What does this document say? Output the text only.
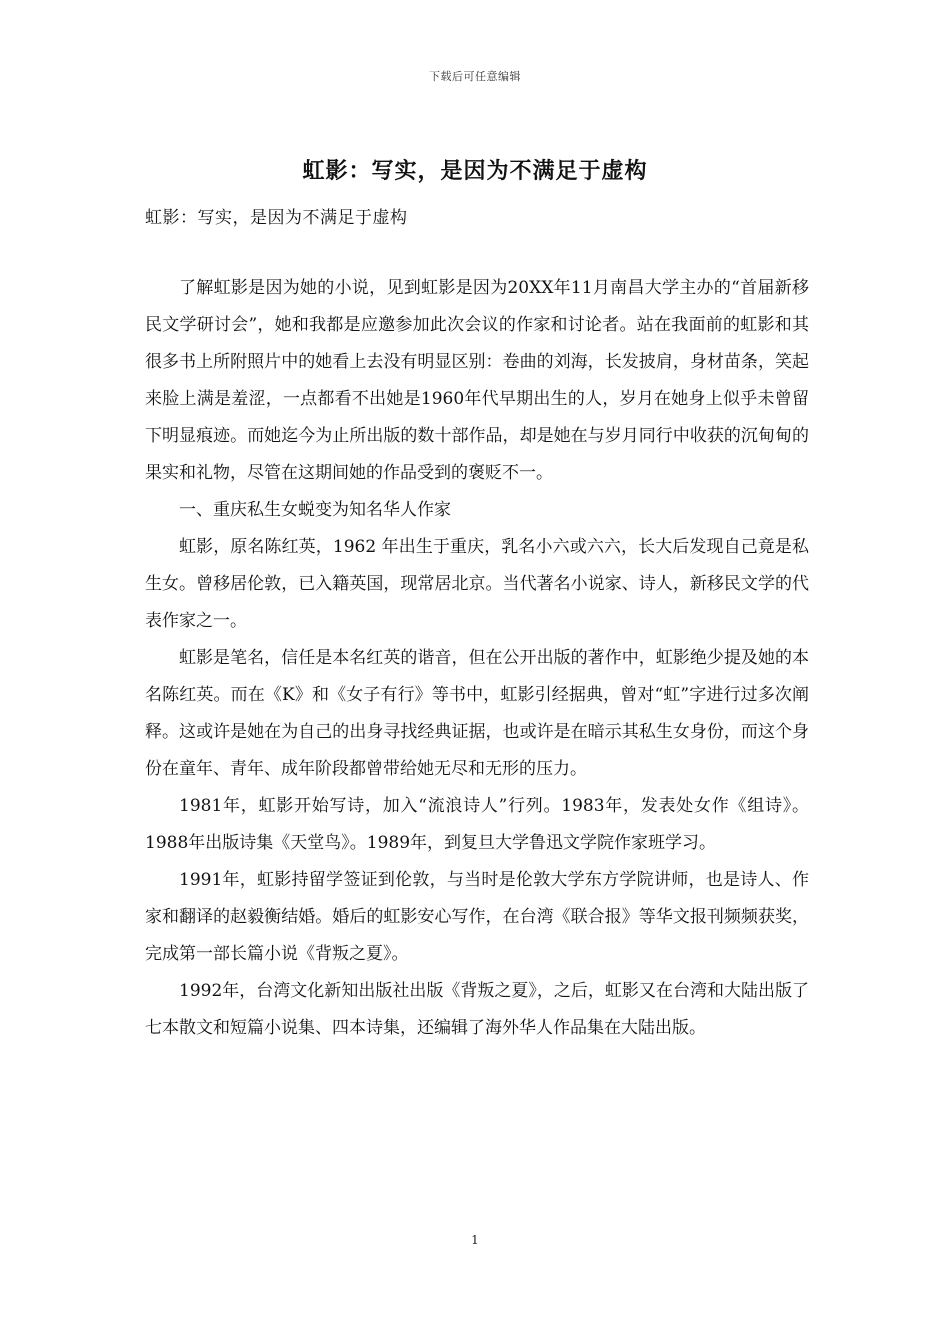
下载后可任意编辑
虹影：写实，是因为不满足于虚构
虹影：写实，是因为不满足于虚构

了解虹影是因为她的小说，见到虹影是因为20XX年11月南昌大学主办的“首届新移民文学研讨会”，她和我都是应邀参加此次会议的作家和讨论者。站在我面前的虹影和其很多书上所附照片中的她看上去没有明显区别：卷曲的刘海，长发披肩，身材苗条，笑起来脸上满是羞涩，一点都看不出她是1960年代早期出生的人，岁月在她身上似乎未曾留下明显痕迹。而她迄今为止所出版的数十部作品，却是她在与岁月同行中收获的沉甸甸的果实和礼物，尽管在这期间她的作品受到的褒贬不一。

一、重庆私生女蜕变为知名华人作家

虹影，原名陈红英，1962 年出生于重庆，乳名小六或六六，长大后发现自己竟是私生女。曾移居伦敦，已入籍英国，现常居北京。当代著名小说家、诗人，新移民文学的代表作家之一。

虹影是笔名，信任是本名红英的谐音，但在公开出版的著作中，虹影绝少提及她的本名陈红英。而在《K》和《女子有行》等书中，虹影引经据典，曾对“虹”字进行过多次阐释。这或许是她在为自己的出身寻找经典证据，也或许是在暗示其私生女身份，而这个身份在童年、青年、成年阶段都曾带给她无尽和无形的压力。

1981年，虹影开始写诗，加入“流浪诗人”行列。1983年，发表处女作《组诗》。1988年出版诗集《天堂鸟》。1989年，到复旦大学鲁迅文学院作家班学习。

1991年，虹影持留学签证到伦敦，与当时是伦敦大学东方学院讲师，也是诗人、作家和翻译的赵毅衡结婚。婚后的虹影安心写作，在台湾《联合报》等华文报刊频频获奖，完成第一部长篇小说《背叛之夏》。

1992年，台湾文化新知出版社出版《背叛之夏》，之后，虹影又在台湾和大陆出版了七本散文和短篇小说集、四本诗集，还编辑了海外华人作品集在大陆出版。

1
